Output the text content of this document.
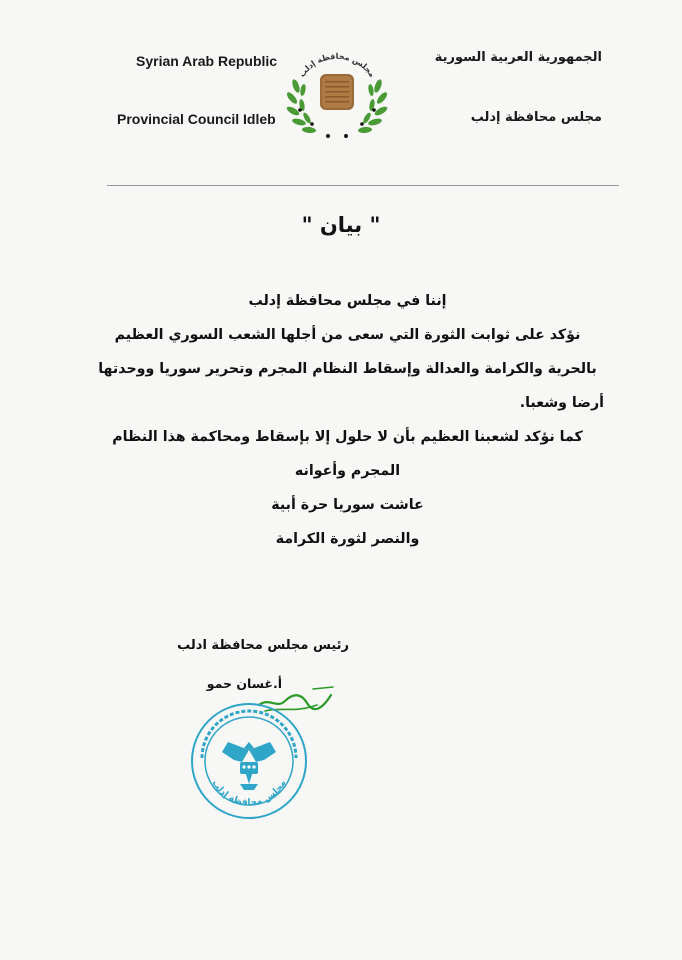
Syrian Arab Republic
Provincial Council Idleb
الجمهورية العربية السورية
مجلس محافظة إدلب
مجلس محافظة إدلب
" بيان "
إننا في مجلس محافظة إدلب
نؤكد على ثوابت الثورة التي سعى من أجلها الشعب السوري العظيم
بالحرية والكرامة والعدالة وإسقاط النظام المجرم وتحرير سوريا ووحدتها
أرضا وشعبا.
كما نؤكد لشعبنا العظيم بأن لا حلول إلا بإسقاط ومحاكمة هذا النظام
المجرم وأعوانه
عاشت سوريا حرة أبية
والنصر لثورة الكرامة
رئيس مجلس محافظة ادلب
أ.غسان حمو
مجلس محافظة إدلب
